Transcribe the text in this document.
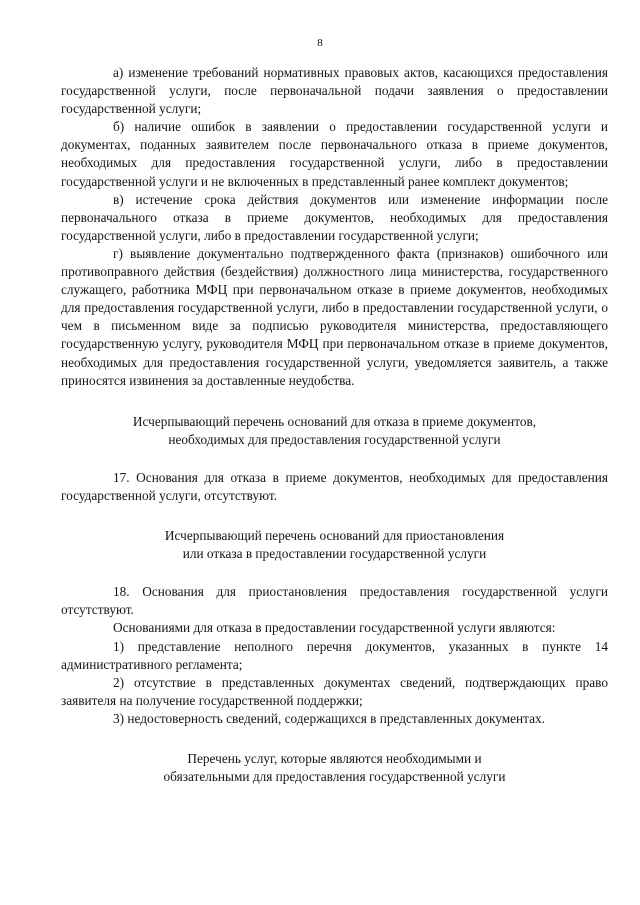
8

а) изменение требований нормативных правовых актов, касающихся предоставления государственной услуги, после первоначальной подачи заявления о предоставлении государственной услуги;

б) наличие ошибок в заявлении о предоставлении государственной услуги и документах, поданных заявителем после первоначального отказа в приеме документов, необходимых для предоставления государственной услуги, либо в предоставлении государственной услуги и не включенных в представленный ранее комплект документов;

в) истечение срока действия документов или изменение информации после первоначального отказа в приеме документов, необходимых для предоставления государственной услуги, либо в предоставлении государственной услуги;

г) выявление документально подтвержденного факта (признаков) ошибочного или противоправного действия (бездействия) должностного лица министерства, государственного служащего, работника МФЦ при первоначальном отказе в приеме документов, необходимых для предоставления государственной услуги, либо в предоставлении государственной услуги, о чем в письменном виде за подписью руководителя министерства, предоставляющего государственную услугу, руководителя МФЦ при первоначальном отказе в приеме документов, необходимых для предоставления государственной услуги, уведомляется заявитель, а также приносятся извинения за доставленные неудобства.

Исчерпывающий перечень оснований для отказа в приеме документов,
необходимых для предоставления государственной услуги

17. Основания для отказа в приеме документов, необходимых для предоставления государственной услуги, отсутствуют.

Исчерпывающий перечень оснований для приостановления
или отказа в предоставлении государственной услуги

18. Основания для приостановления предоставления государственной услуги отсутствуют.

Основаниями для отказа в предоставлении государственной услуги являются:

1) представление неполного перечня документов, указанных в пункте 14 административного регламента;

2) отсутствие в представленных документах сведений, подтверждающих право заявителя на получение государственной поддержки;

3) недостоверность сведений, содержащихся в представленных документах.

Перечень услуг, которые являются необходимыми и
обязательными для предоставления государственной услуги
